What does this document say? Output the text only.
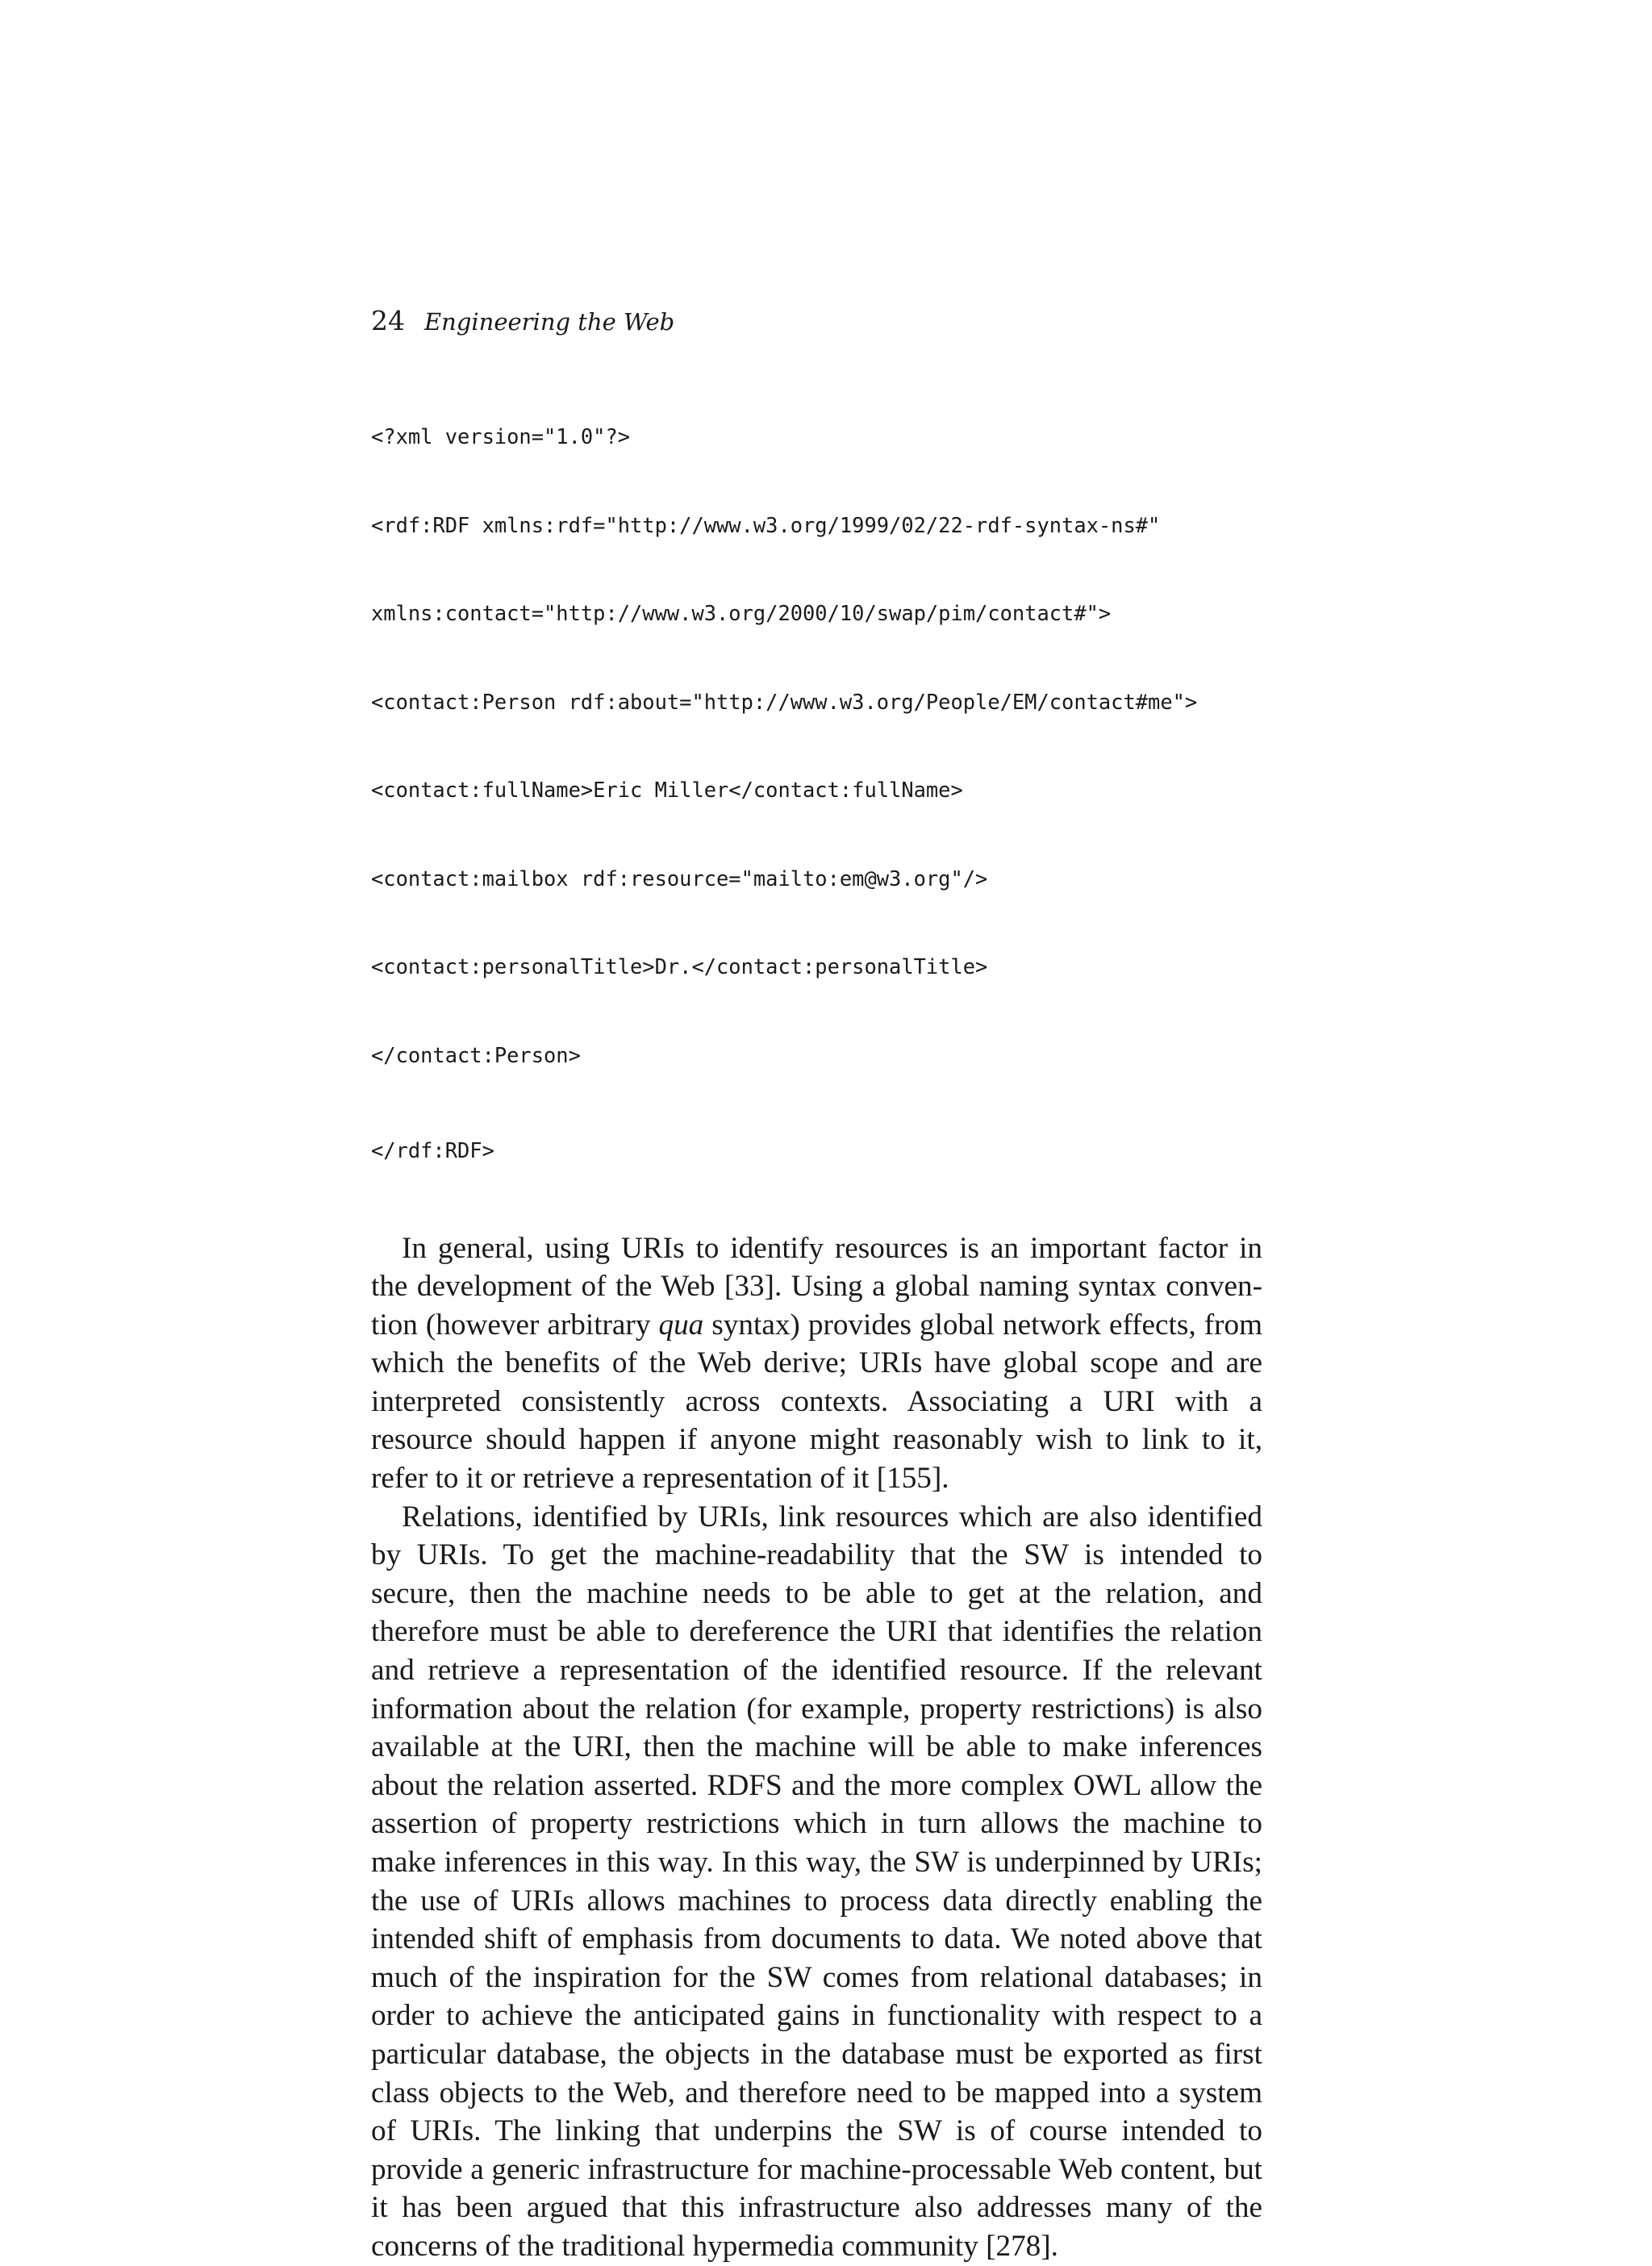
24 Engineering the Web

<?xml version="1.0"?>

<rdf:RDF xmlns:rdf="http://www.w3.org/1999/02/22-rdf-syntax-ns#"

xmlns:contact="http://www.w3.org/2000/10/swap/pim/contact#">

<contact:Person rdf:about="http://www.w3.org/People/EM/contact#me">

<contact:fullName>Eric Miller</contact:fullName>

<contact:mailbox rdf:resource="mailto:em@w3.org"/>

<contact:personalTitle>Dr.</contact:personalTitle>

</contact:Person>

</rdf:RDF>

In general, using URIs to identify resources is an important factor in the development of the Web [33]. Using a global naming syntax convention (however arbitrary qua syntax) provides global network effects, from which the benefits of the Web derive; URIs have global scope and are interpreted consistently across contexts. Associating a URI with a resource should happen if anyone might reasonably wish to link to it, refer to it or retrieve a representation of it [155].

Relations, identified by URIs, link resources which are also identified by URIs. To get the machine-readability that the SW is intended to secure, then the machine needs to be able to get at the relation, and therefore must be able to dereference the URI that identifies the relation and retrieve a representation of the identified resource. If the relevant information about the relation (for example, property restrictions) is also available at the URI, then the machine will be able to make inferences about the relation asserted. RDFS and the more complex OWL allow the assertion of property restrictions which in turn allows the machine to make inferences in this way. In this way, the SW is underpinned by URIs; the use of URIs allows machines to process data directly enabling the intended shift of emphasis from documents to data. We noted above that much of the inspiration for the SW comes from relational databases; in order to achieve the anticipated gains in functionality with respect to a particular database, the objects in the database must be exported as first class objects to the Web, and therefore need to be mapped into a system of URIs. The linking that underpins the SW is of course intended to provide a generic infrastructure for machine-processable Web content, but it has been argued that this infrastructure also addresses many of the concerns of the traditional hypermedia community [278].
